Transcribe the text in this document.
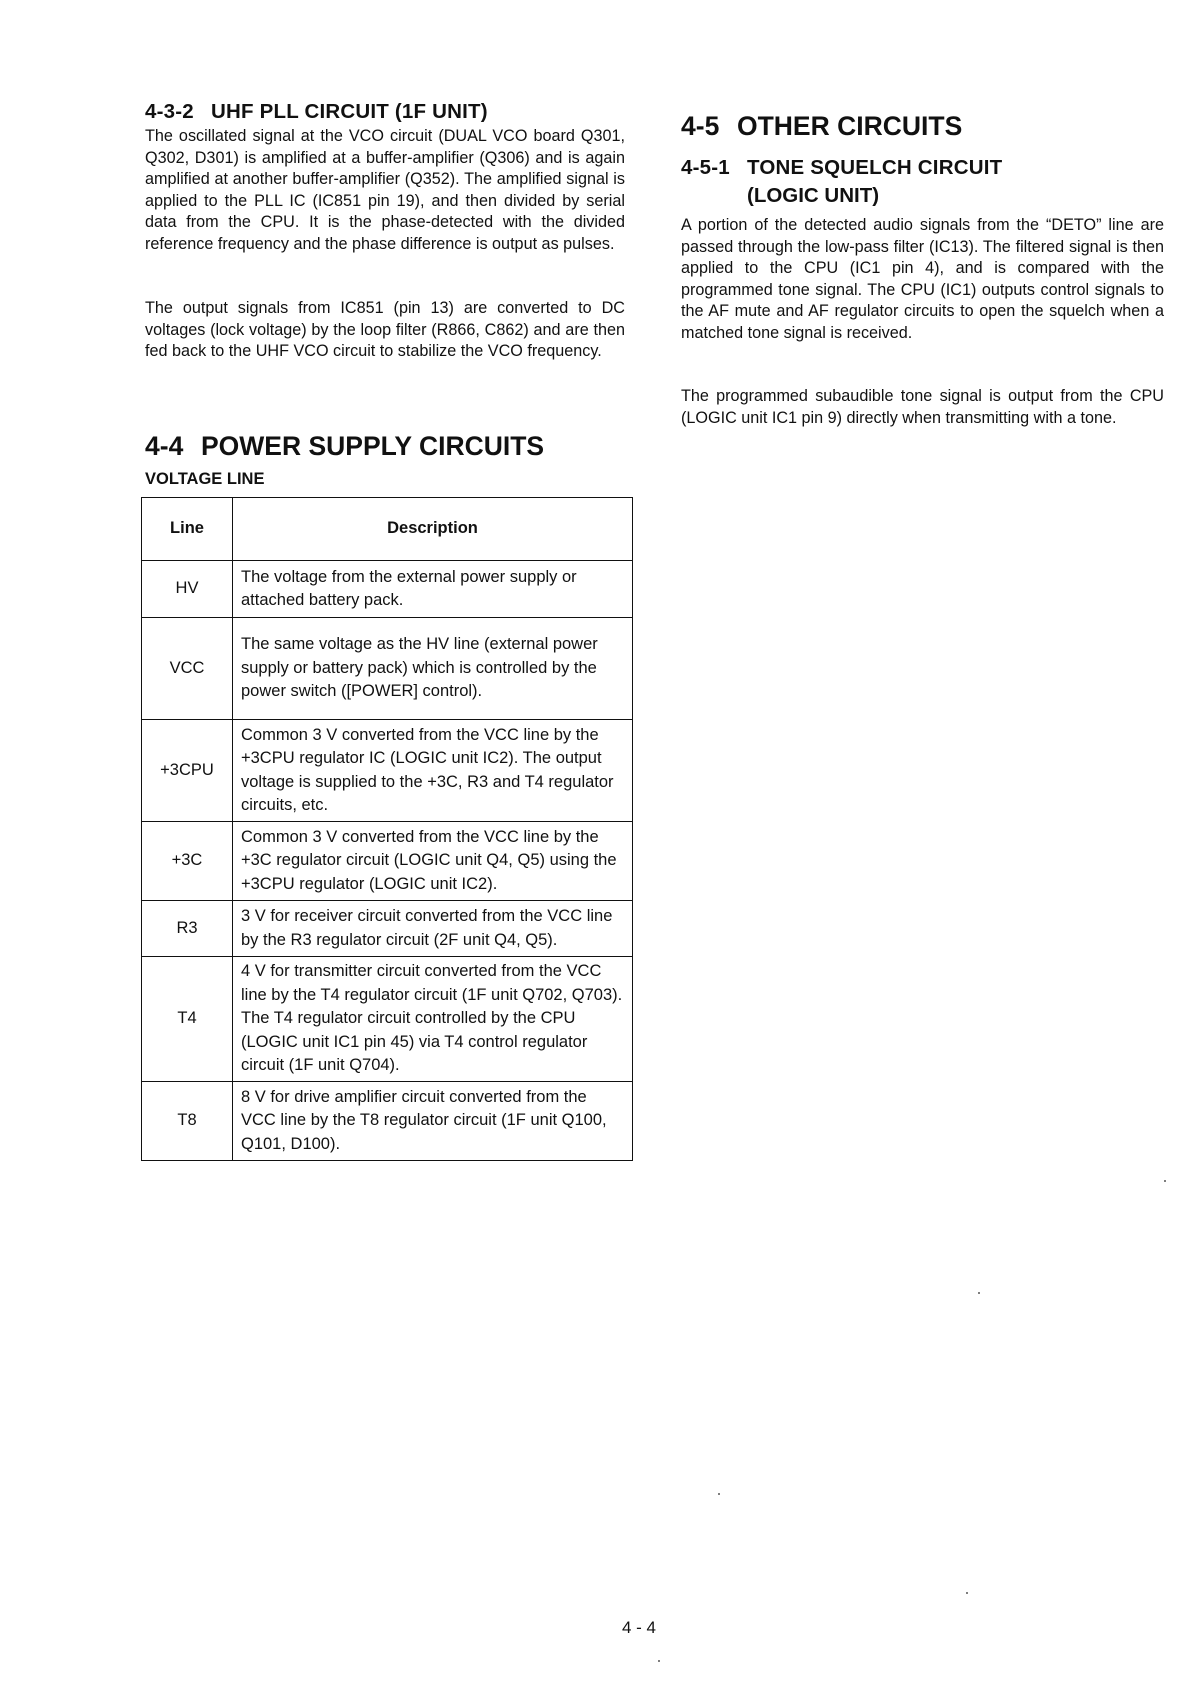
4-3-2 UHF PLL CIRCUIT (1F UNIT)
The oscillated signal at the VCO circuit (DUAL VCO board Q301, Q302, D301) is amplified at a buffer-amplifier (Q306) and is again amplified at another buffer-amplifier (Q352). The amplified signal is applied to the PLL IC (IC851 pin 19), and then divided by serial data from the CPU. It is the phase-detected with the divided reference frequency and the phase difference is output as pulses.
The output signals from IC851 (pin 13) are converted to DC voltages (lock voltage) by the loop filter (R866, C862) and are then fed back to the UHF VCO circuit to stabilize the VCO frequency.
4-4 POWER SUPPLY CIRCUITS
VOLTAGE LINE
Line	Description
HV	The voltage from the external power supply or attached battery pack.
VCC	The same voltage as the HV line (external power supply or battery pack) which is controlled by the power switch ([POWER] control).
+3CPU	Common 3 V converted from the VCC line by the +3CPU regulator IC (LOGIC unit IC2). The output voltage is supplied to the +3C, R3 and T4 regulator circuits, etc.
+3C	Common 3 V converted from the VCC line by the +3C regulator circuit (LOGIC unit Q4, Q5) using the +3CPU regulator (LOGIC unit IC2).
R3	3 V for receiver circuit converted from the VCC line by the R3 regulator circuit (2F unit Q4, Q5).
T4	4 V for transmitter circuit converted from the VCC line by the T4 regulator circuit (1F unit Q702, Q703). The T4 regulator circuit controlled by the CPU (LOGIC unit IC1 pin 45) via T4 control regulator circuit (1F unit Q704).
T8	8 V for drive amplifier circuit converted from the VCC line by the T8 regulator circuit (1F unit Q100, Q101, D100).
4-5 OTHER CIRCUITS
4-5-1 TONE SQUELCH CIRCUIT
(LOGIC UNIT)
A portion of the detected audio signals from the “DETO” line are passed through the low-pass filter (IC13). The filtered signal is then applied to the CPU (IC1 pin 4), and is compared with the programmed tone signal. The CPU (IC1) outputs control signals to the AF mute and AF regulator circuits to open the squelch when a matched tone signal is received.
The programmed subaudible tone signal is output from the CPU (LOGIC unit IC1 pin 9) directly when transmitting with a tone.
4 - 4
